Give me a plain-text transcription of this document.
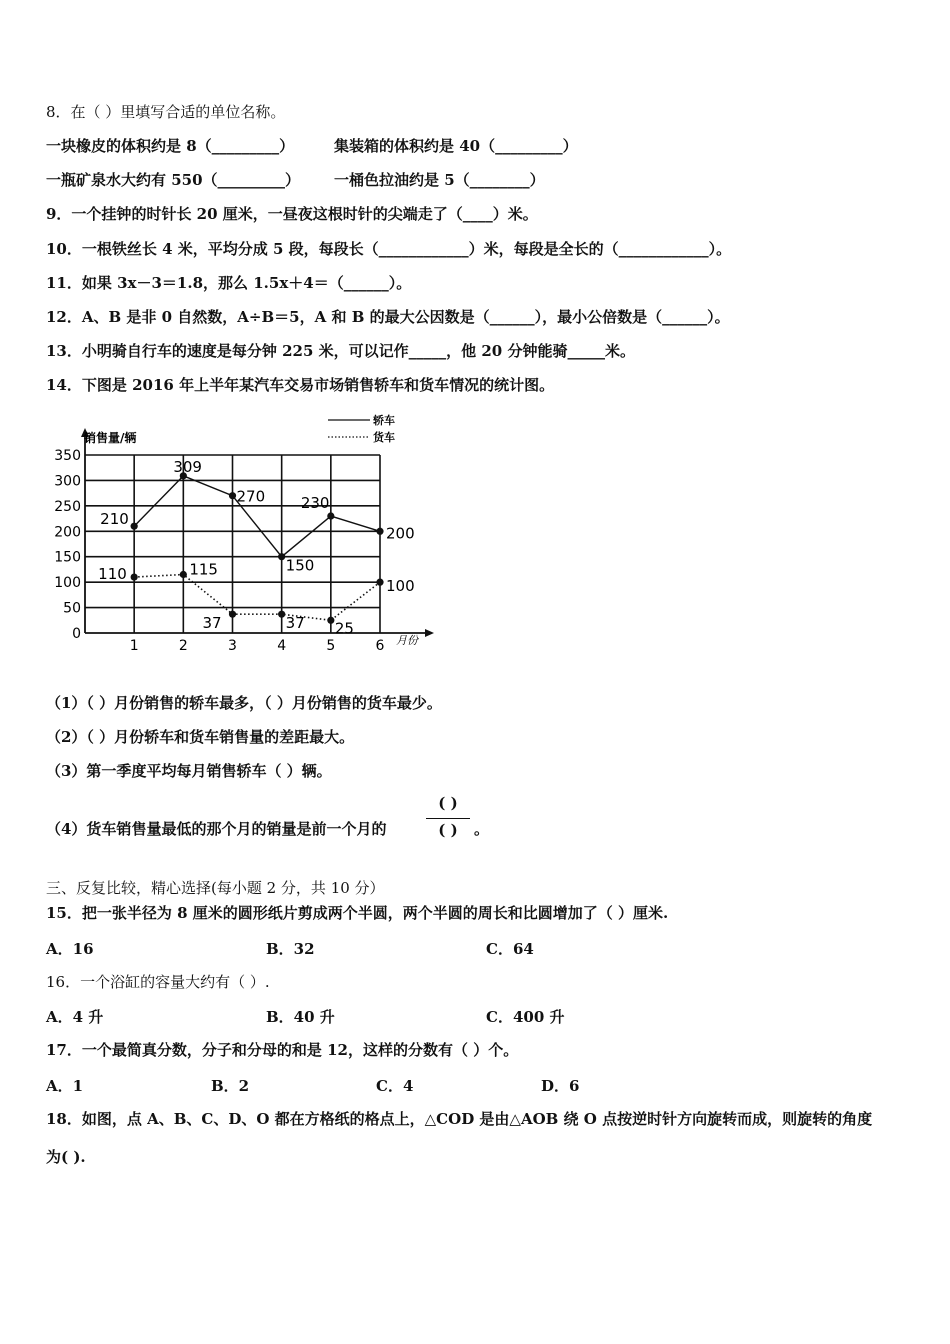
8．在（ ）里填写合适的单位名称。
一块橡皮的体积约是 8（_________）	集装箱的体积约是 40（_________）
一瓶矿泉水大约有 550（_________） 一桶色拉油约是 5（________）
9．一个挂钟的时针长 20 厘米，一昼夜这根时针的尖端走了（____）米。
10．一根铁丝长 4 米，平均分成 5 段，每段长（____________）米，每段是全长的（____________）。
11．如果 3x－3＝1.8，那么 1.5x＋4＝（______）。
12．A、B 是非 0 自然数，A÷B＝5，A 和 B 的最大公因数是（______），最小公倍数是（______）。
13．小明骑自行车的速度是每分钟 225 米，可以记作_____，他 20 分钟能骑_____米。
14．下图是 2016 年上半年某汽车交易市场销售轿车和货车情况的统计图。
0
50
100
150
200
250
300
350
1	2	3	4	5	6
销售量/辆
月份
轿车
货车
210
309
270
150
230
200
110	115
37	37 25
100
（1）（ ）月份销售的轿车最多，（ ）月份销售的货车最少。
（2）（ ）月份轿车和货车销售量的差距最大。
（3）第一季度平均每月销售轿车（ ）辆。
（4）货车销售量最低的那个月的销量是前一个月的
( )
( )	。
三、反复比较，精心选择(每小题 2 分，共 10 分）
15．把一张半径为 8 厘米的圆形纸片剪成两个半圆，两个半圆的周长和比圆增加了（ ）厘米.
A．16	B．32	C．64
16．一个浴缸的容量大约有（ ）.
A．4 升	B．40 升	C．400 升
17．一个最简真分数，分子和分母的和是 12，这样的分数有（ ）个。
A．1	B．2	C．4	D．6
18．如图，点 A、B、C、D、O 都在方格纸的格点上，△COD 是由△AOB 绕 O 点按逆时针方向旋转而成，则旋转的角度
为( ).
